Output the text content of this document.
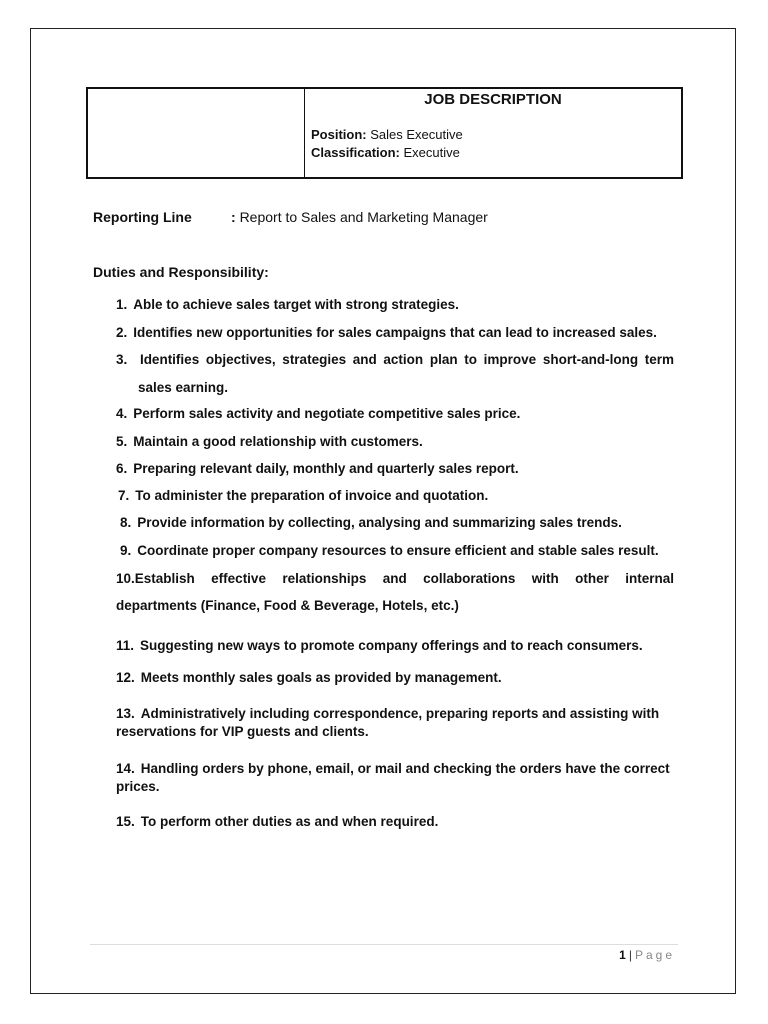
JOB DESCRIPTION
Position: Sales Executive
Classification: Executive
Reporting Line	: Report to Sales and Marketing Manager
Duties and Responsibility:
1. Able to achieve sales target with strong strategies.
2. Identifies new opportunities for sales campaigns that can lead to increased sales.
3. Identifies objectives, strategies and action plan to improve short-and-long term
sales earning.
4. Perform sales activity and negotiate competitive sales price.
5. Maintain a good relationship with customers.
6. Preparing relevant daily, monthly and quarterly sales report.
7. To administer the preparation of invoice and quotation.
8. Provide information by collecting, analysing and summarizing sales trends.
9. Coordinate proper company resources to ensure efficient and stable sales result.
10.Establish effective relationships and collaborations with other internal
departments (Finance, Food & Beverage, Hotels, etc.)
11. Suggesting new ways to promote company offerings and to reach consumers.
12. Meets monthly sales goals as provided by management.
13. Administratively including correspondence, preparing reports and assisting with reservations for VIP guests and clients.
14. Handling orders by phone, email, or mail and checking the orders have the correct prices.
15. To perform other duties as and when required.
1 | Page
